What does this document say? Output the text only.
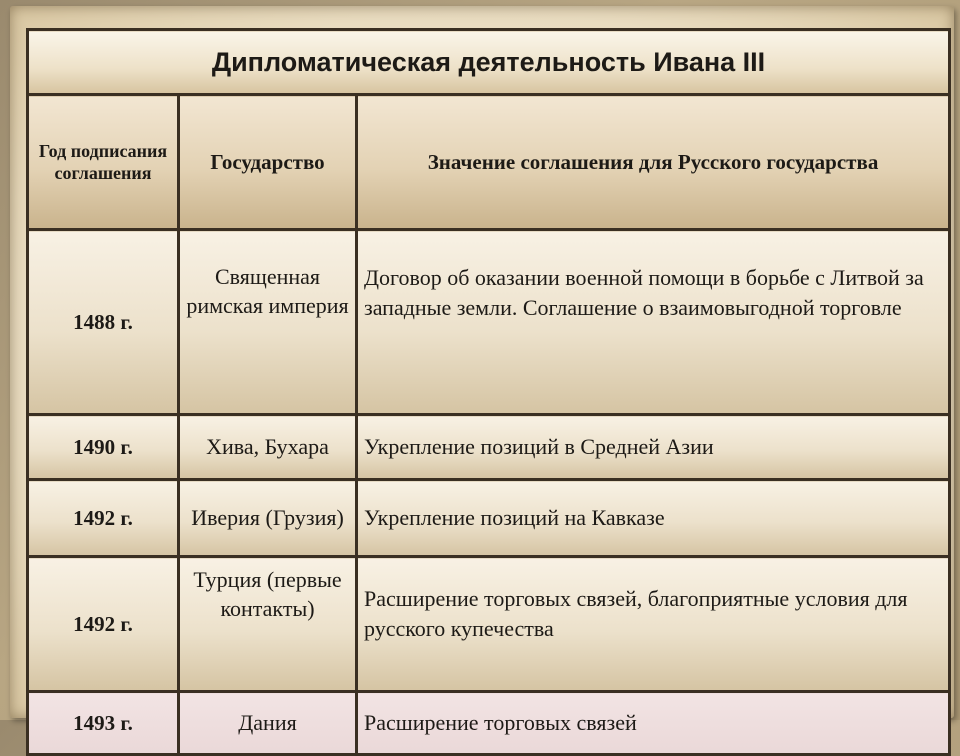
Дипломатическая деятельность Ивана III		
Год подписания соглашения	Государство	Значение соглашения для Русского государства
1488 г.	Священная римская империя	Договор об оказании военной помощи в борьбе с Литвой за западные земли. Соглашение о взаимовыгодной торговле
1490 г.	Хива, Бухара	Укрепление позиций в Средней Азии
1492 г.	Иверия (Грузия)	Укрепление позиций на Кавказе
1492 г.	Турция (первые контакты)	Расширение торговых связей, благоприятные условия для русского купечества
1493 г.	Дания	Расширение торговых связей
